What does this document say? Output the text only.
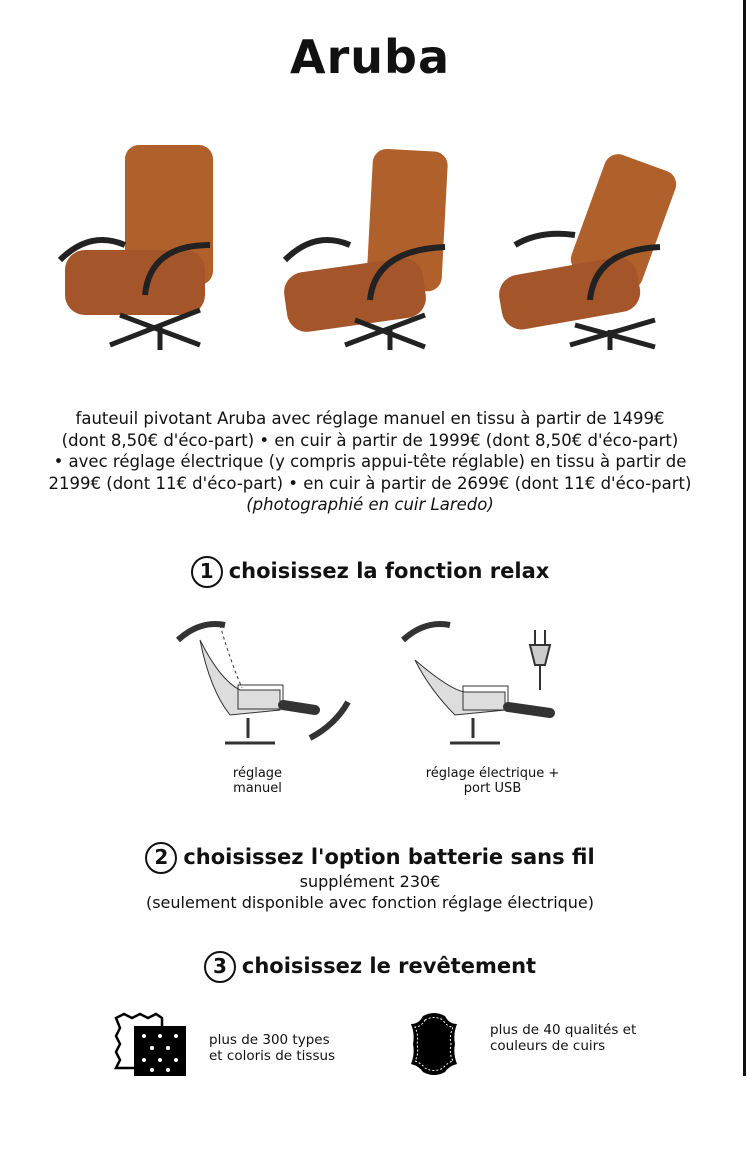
Aruba
fauteuil pivotant Aruba avec réglage manuel en tissu à partir de 1499€
(dont 8,50€ d'éco-part) • en cuir à partir de 1999€ (dont 8,50€ d'éco-part)
• avec réglage électrique (y compris appui-tête réglable) en tissu à partir de
2199€ (dont 11€ d'éco-part) • en cuir à partir de 2699€ (dont 11€ d'éco-part)
(photographié en cuir Laredo)
1 choisissez la fonction relax
réglage
manuel
réglage électrique +
port USB
2 choisissez l'option batterie sans fil
supplément 230€
(seulement disponible avec fonction réglage électrique)
3 choisissez le revêtement
plus de 300 types
et coloris de tissus
plus de 40 qualités et
couleurs de cuirs
